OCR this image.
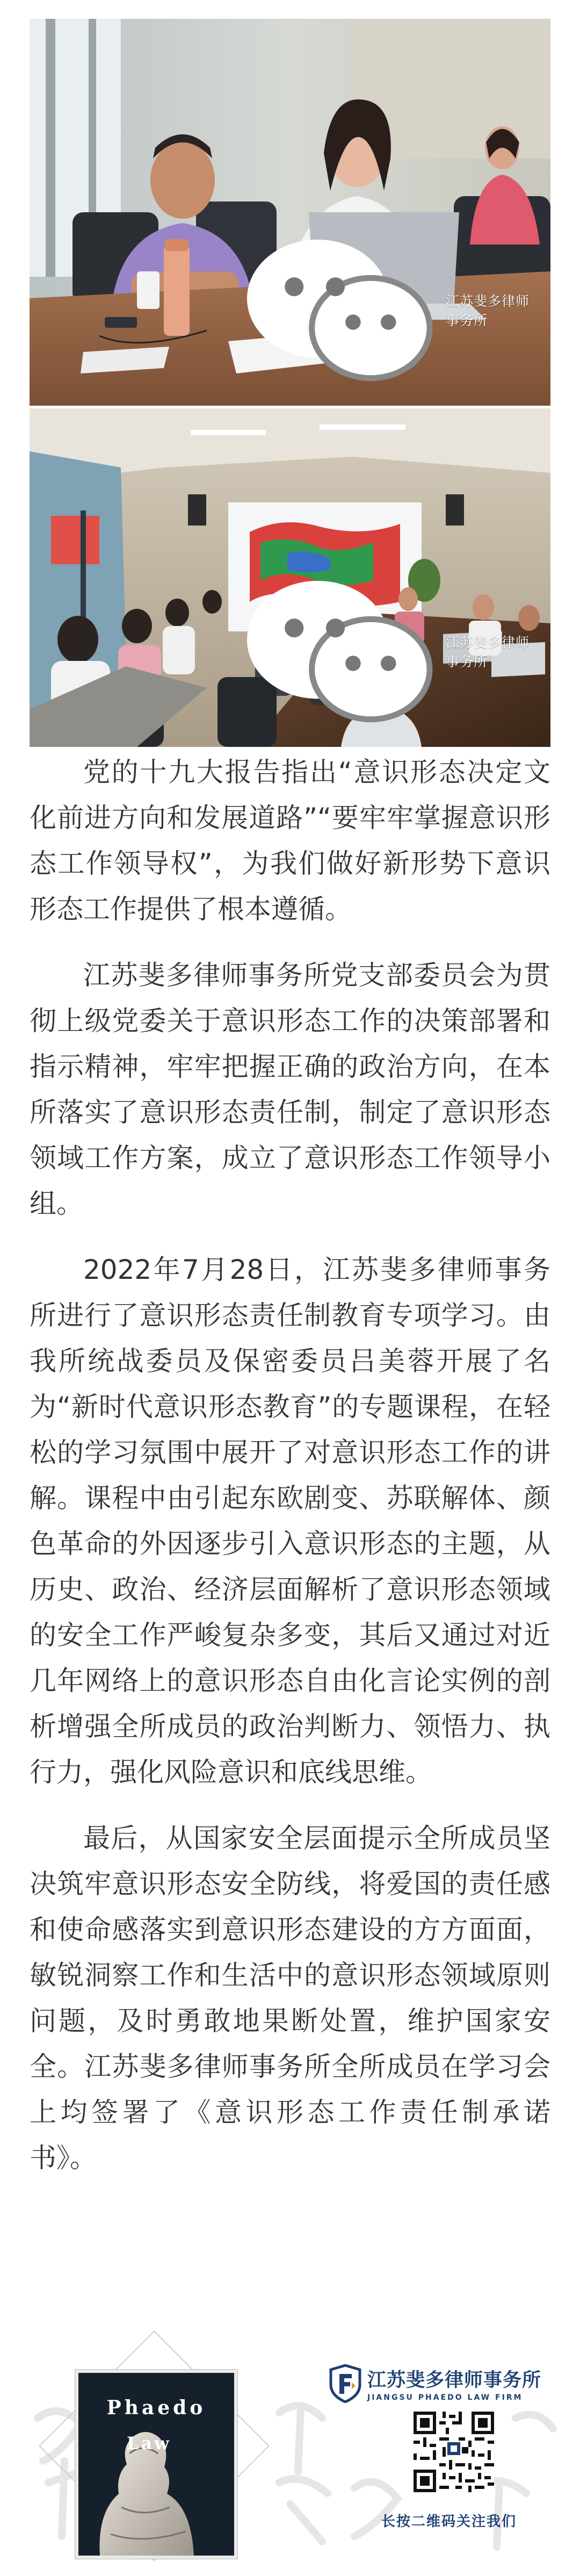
江苏斐多律师事务所
江苏斐多律师事务所

党的十九大报告指出“意识形态决定文化前进方向和发展道路”“要牢牢掌握意识形态工作领导权”，为我们做好新形势下意识形态工作提供了根本遵循。

江苏斐多律师事务所党支部委员会为贯彻上级党委关于意识形态工作的决策部署和指示精神，牢牢把握正确的政治方向，在本所落实了意识形态责任制，制定了意识形态领域工作方案，成立了意识形态工作领导小组。

2022年7月28日，江苏斐多律师事务所进行了意识形态责任制教育专项学习。由我所统战委员及保密委员吕美蓉开展了名为“新时代意识形态教育”的专题课程，在轻松的学习氛围中展开了对意识形态工作的讲解。课程中由引起东欧剧变、苏联解体、颜色革命的外因逐步引入意识形态的主题，从历史、政治、经济层面解析了意识形态领域的安全工作严峻复杂多变，其后又通过对近几年网络上的意识形态自由化言论实例的剖析增强全所成员的政治判断力、领悟力、执行力，强化风险意识和底线思维。

最后，从国家安全层面提示全所成员坚决筑牢意识形态安全防线，将爱国的责任感和使命感落实到意识形态建设的方方面面，敏锐洞察工作和生活中的意识形态领域原则问题，及时勇敢地果断处置，维护国家安全。江苏斐多律师事务所全所成员在学习会上均签署了《意识形态工作责任制承诺书》。

Phaedo
Law
江苏斐多律师事务所
JIANGSU PHAEDO LAW FIRM
长按二维码关注我们
